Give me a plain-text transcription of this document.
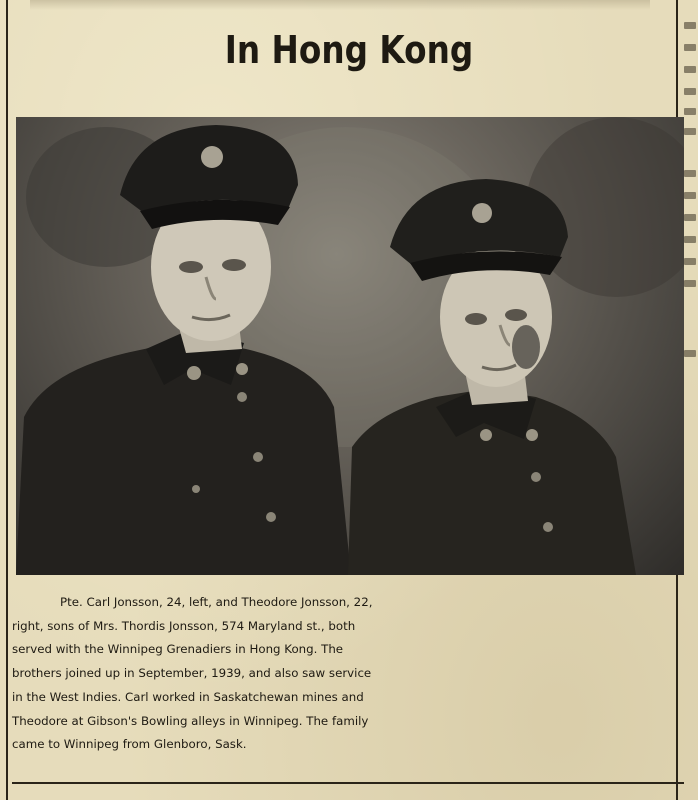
In Hong Kong
Pte. Carl Jonsson, 24, left, and Theodore Jonsson, 22,
right, sons of Mrs. Thordis Jonsson, 574 Maryland st., both
served with the Winnipeg Grenadiers in Hong Kong. The
brothers joined up in September, 1939, and also saw service
in the West Indies. Carl worked in Saskatchewan mines and
Theodore at Gibson's Bowling alleys in Winnipeg. The family
came to Winnipeg from Glenboro, Sask.
